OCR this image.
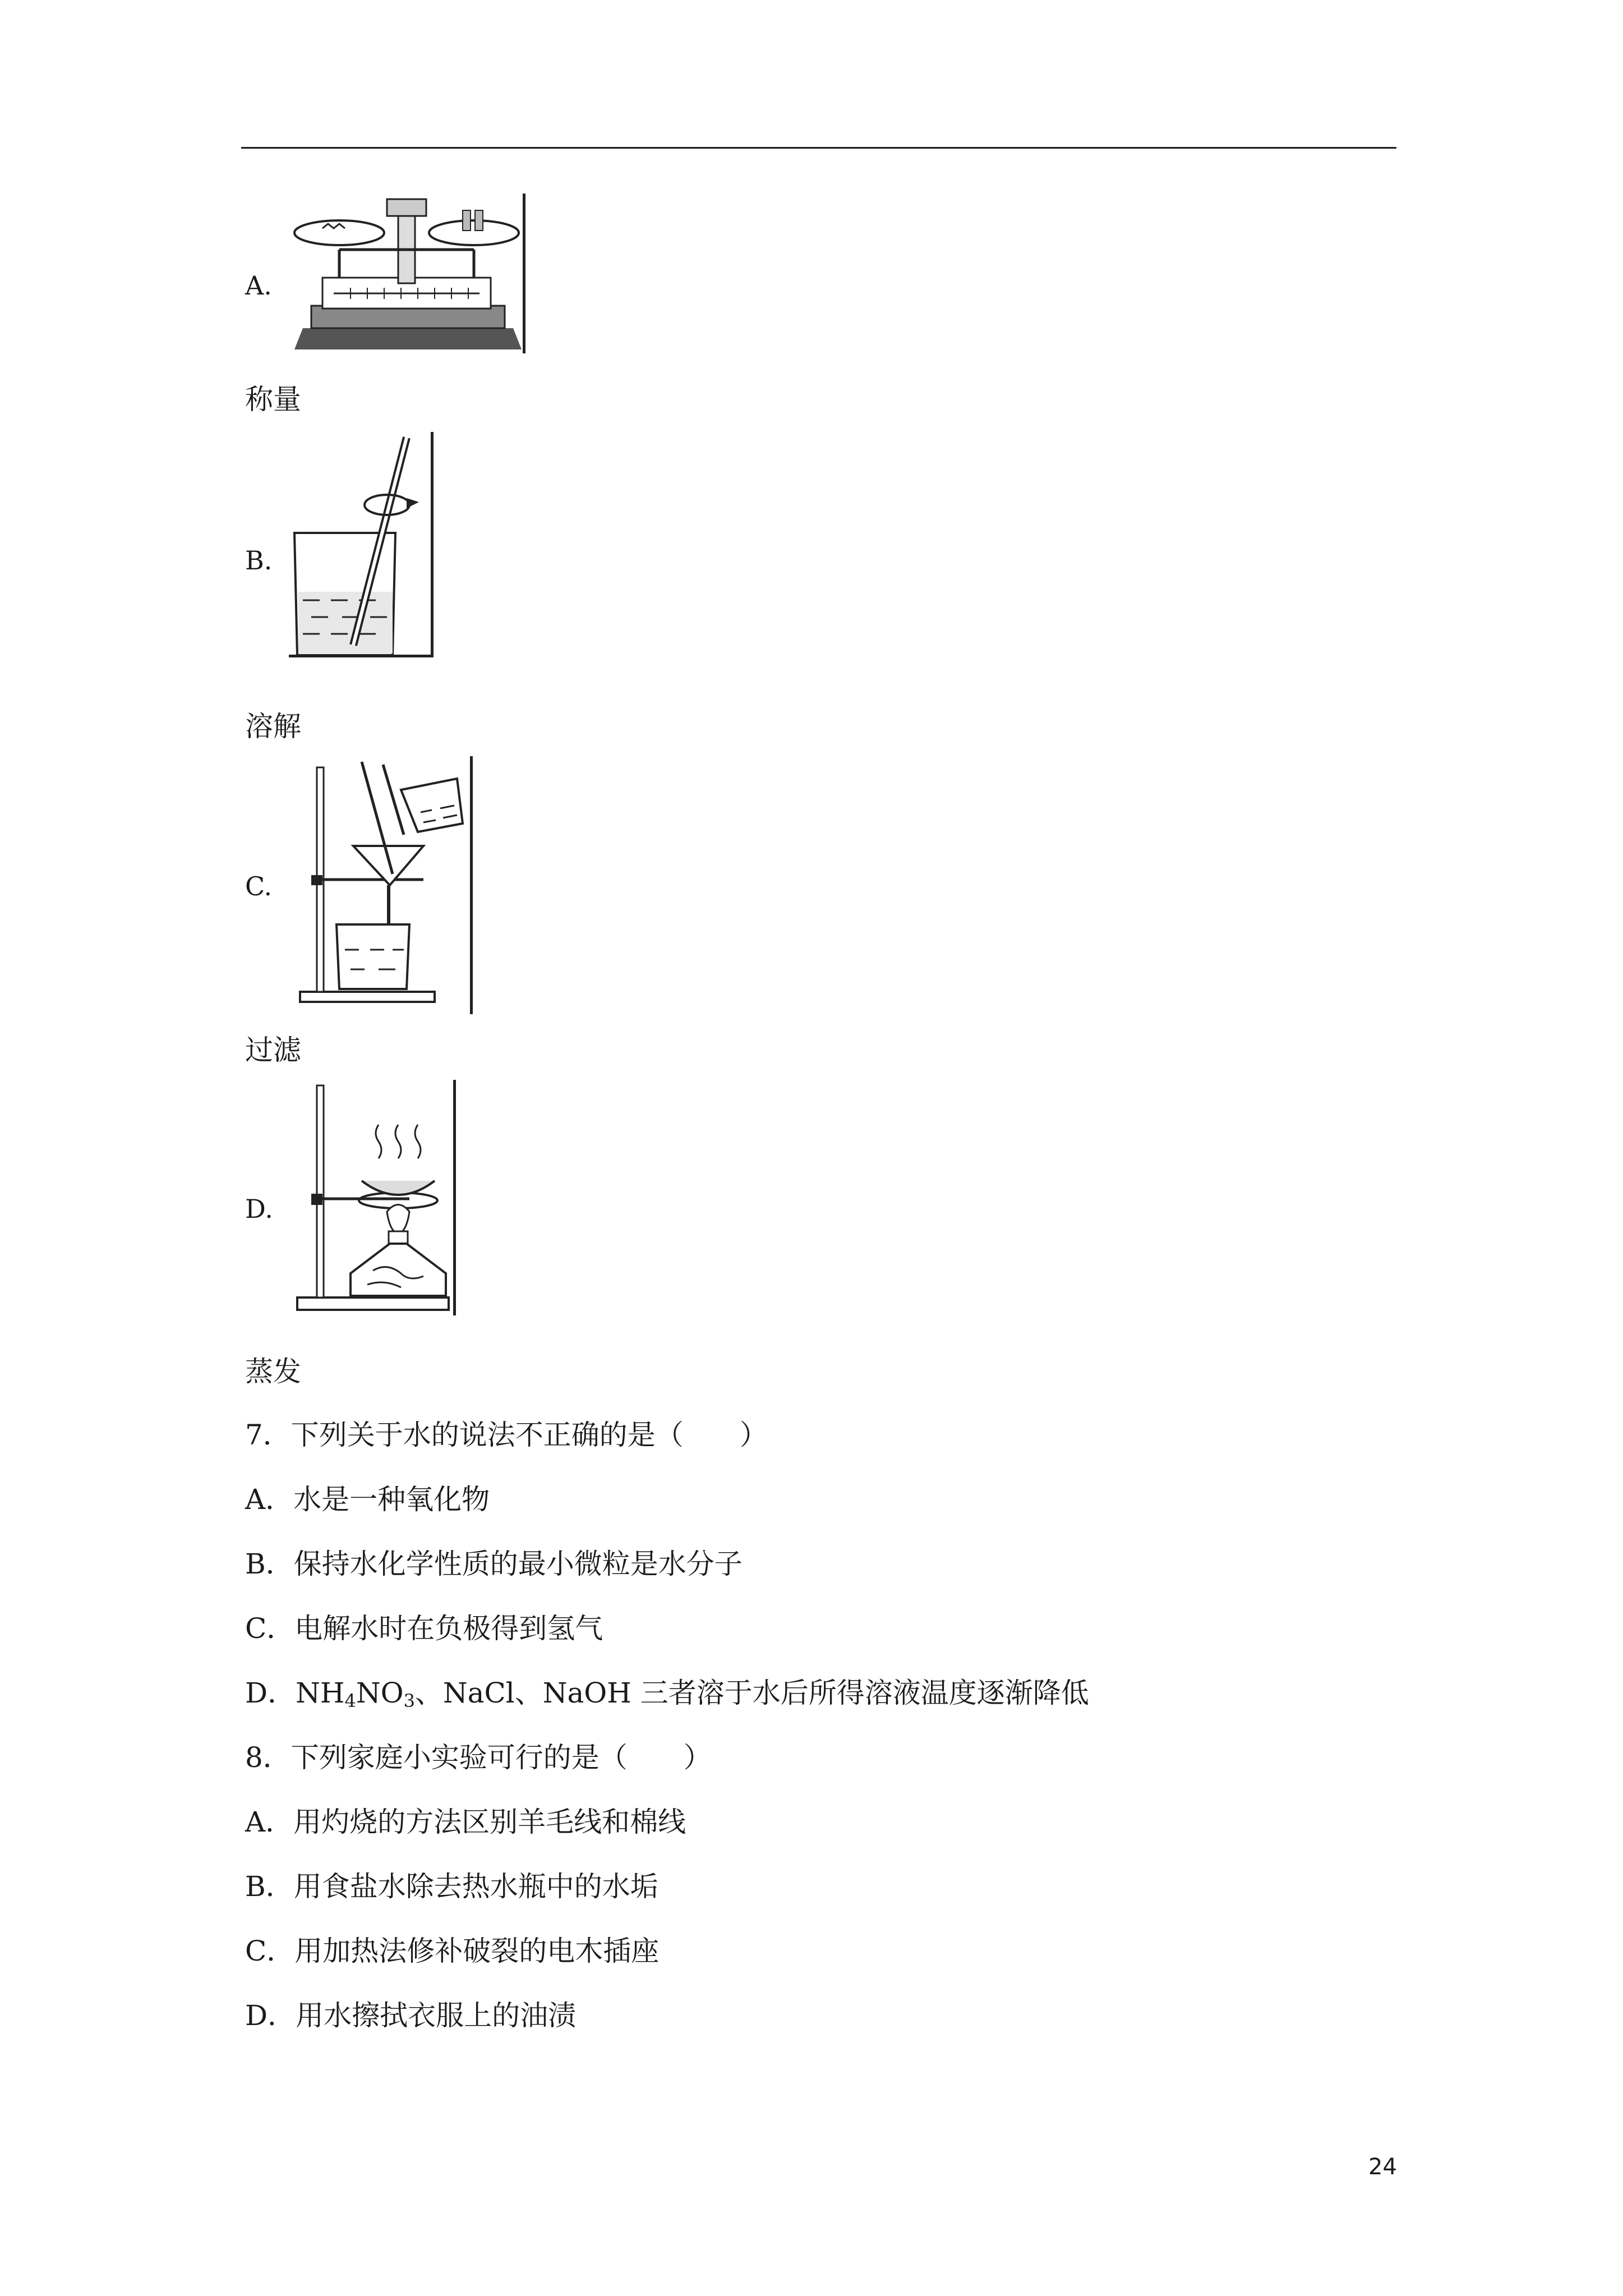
A.
称量
B.
溶解
C.
过滤
D.
蒸发
7．下列关于水的说法不正确的是（　　）
A．水是一种氧化物
B．保持水化学性质的最小微粒是水分子
C．电解水时在负极得到氢气
D．$NH_4NO_3$、NaCl、NaOH 三者溶于水后所得溶液温度逐渐降低
8．下列家庭小实验可行的是（　　）
A．用灼烧的方法区别羊毛线和棉线
B．用食盐水除去热水瓶中的水垢
C．用加热法修补破裂的电木插座
D．用水擦拭衣服上的油渍
24
